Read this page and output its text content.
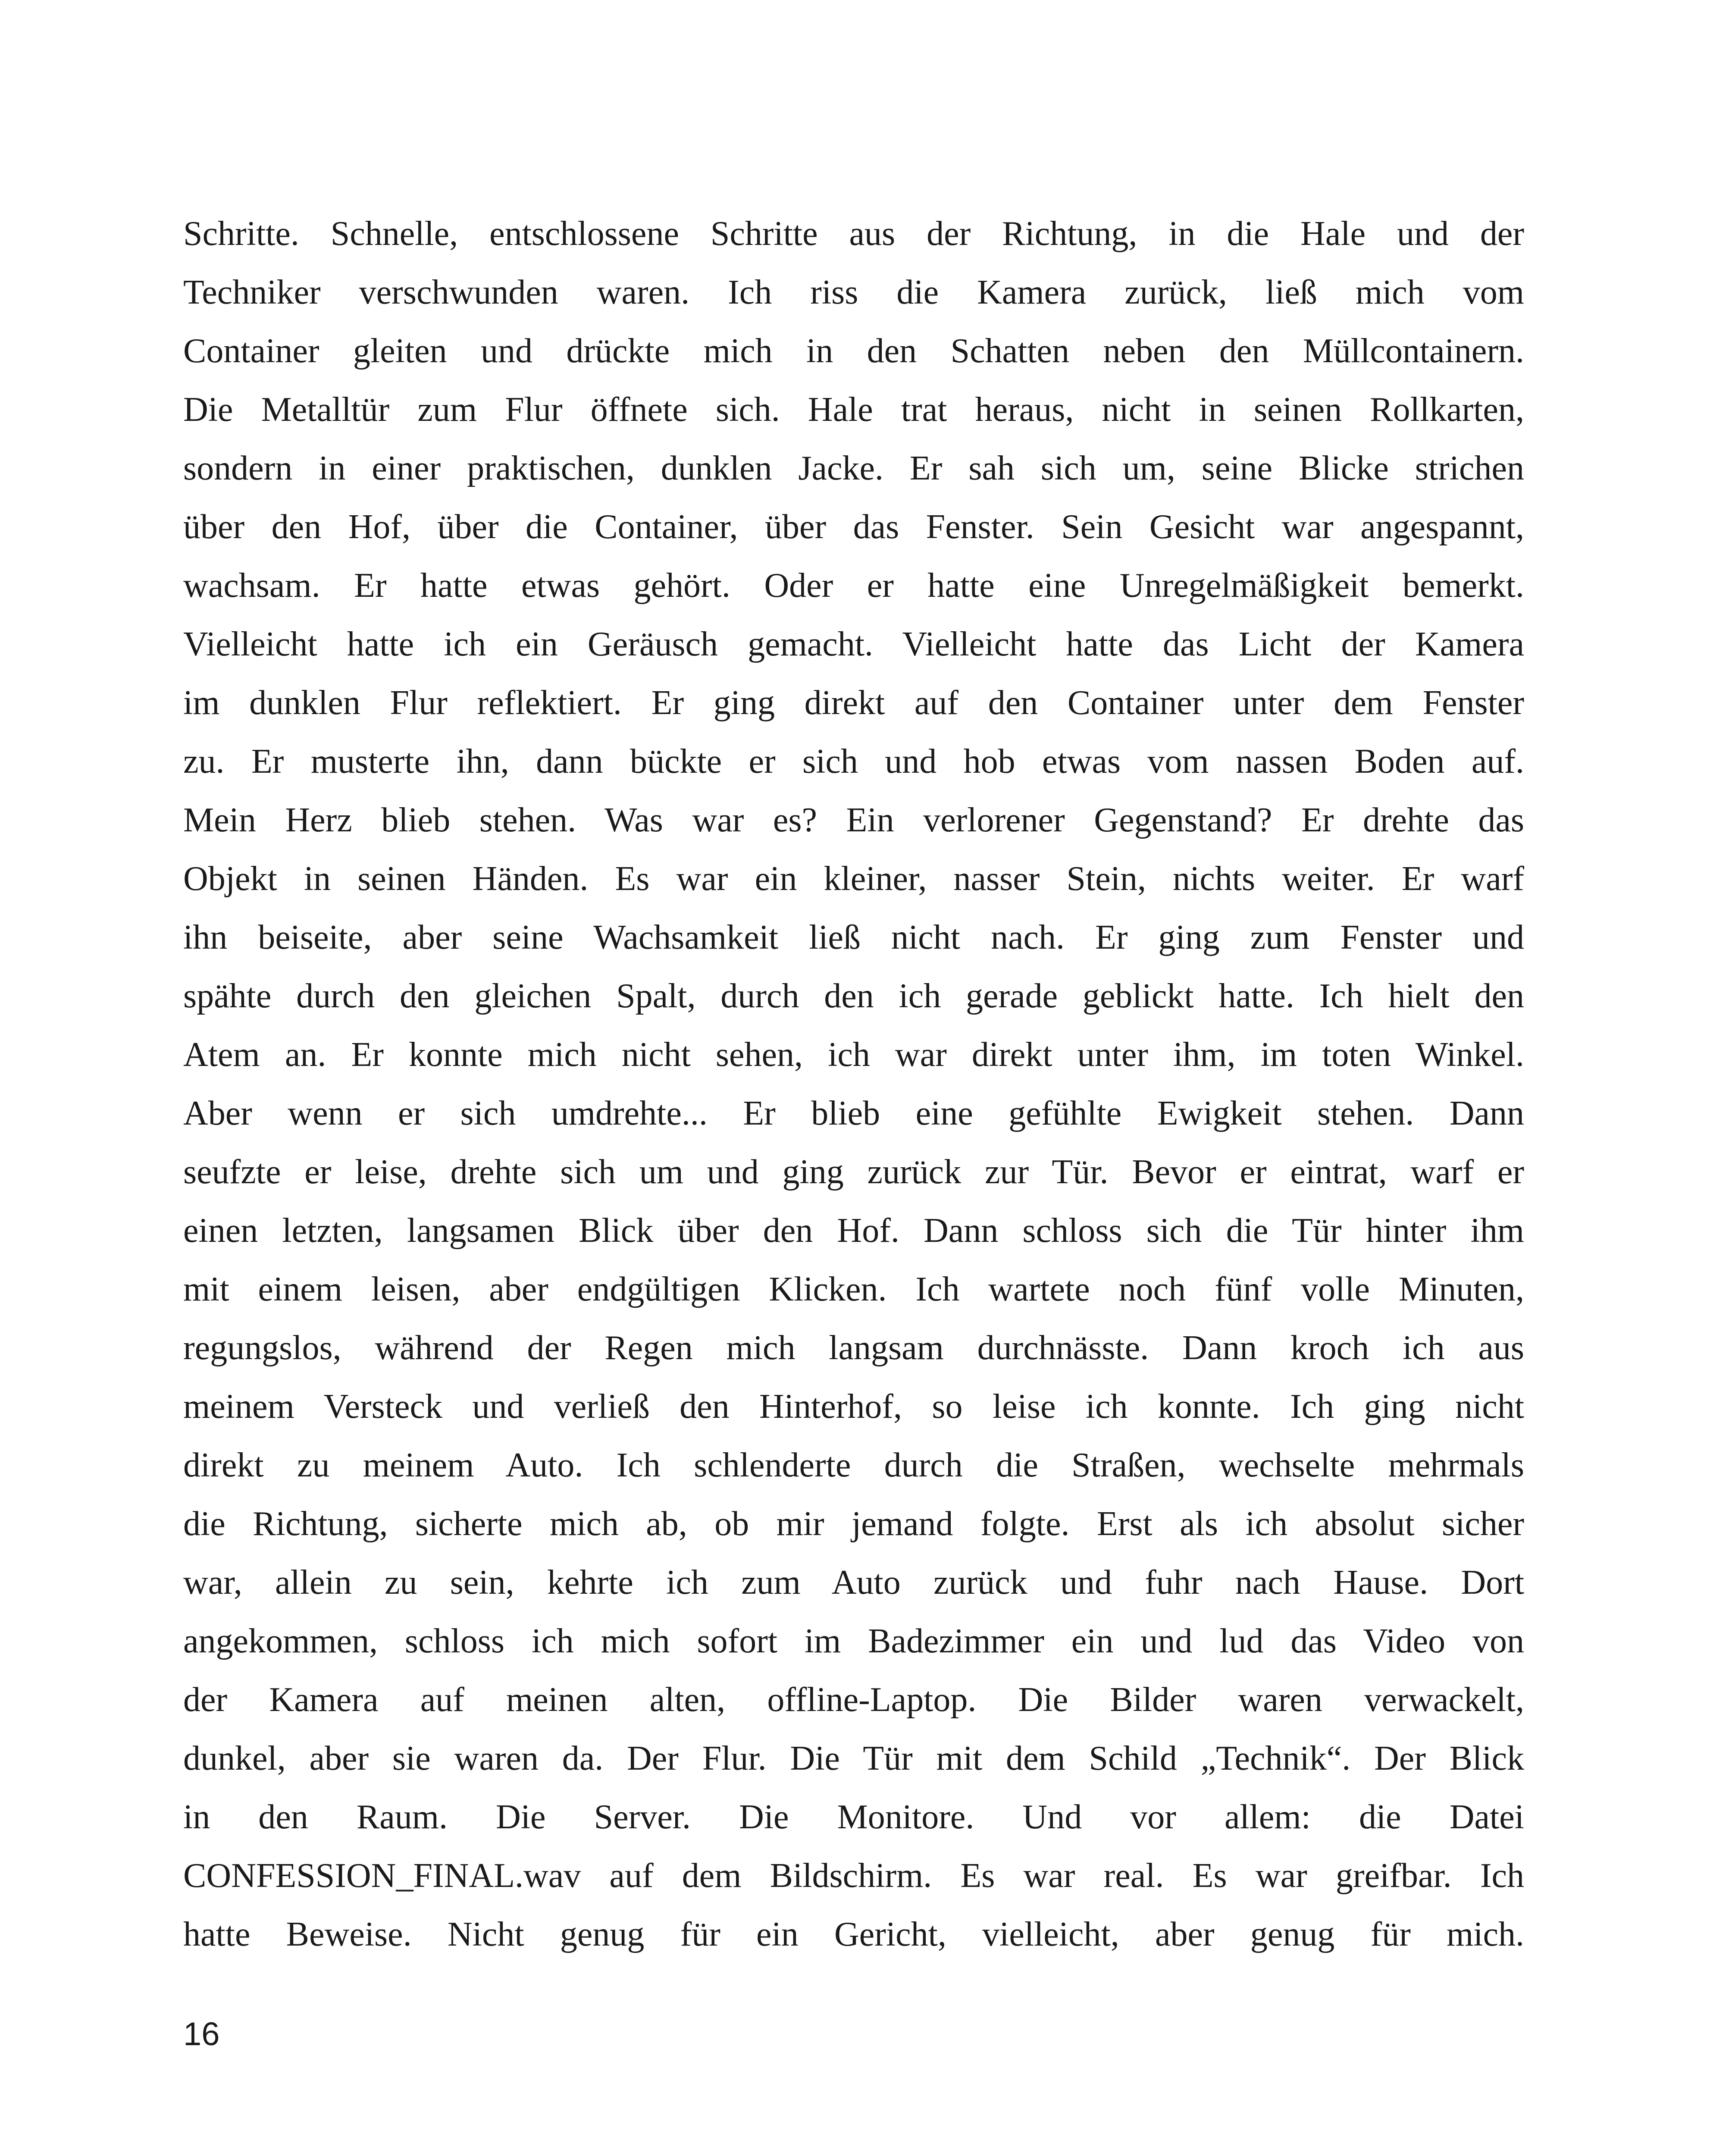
Schritte. Schnelle, entschlossene Schritte aus der Richtung, in die Hale und der
Techniker verschwunden waren. Ich riss die Kamera zurück, ließ mich vom
Container gleiten und drückte mich in den Schatten neben den Müllcontainern.
Die Metalltür zum Flur öffnete sich. Hale trat heraus, nicht in seinen Rollkarten,
sondern in einer praktischen, dunklen Jacke. Er sah sich um, seine Blicke strichen
über den Hof, über die Container, über das Fenster. Sein Gesicht war angespannt,
wachsam. Er hatte etwas gehört. Oder er hatte eine Unregelmäßigkeit bemerkt.
Vielleicht hatte ich ein Geräusch gemacht. Vielleicht hatte das Licht der Kamera
im dunklen Flur reflektiert. Er ging direkt auf den Container unter dem Fenster
zu. Er musterte ihn, dann bückte er sich und hob etwas vom nassen Boden auf.
Mein Herz blieb stehen. Was war es? Ein verlorener Gegenstand? Er drehte das
Objekt in seinen Händen. Es war ein kleiner, nasser Stein, nichts weiter. Er warf
ihn beiseite, aber seine Wachsamkeit ließ nicht nach. Er ging zum Fenster und
spähte durch den gleichen Spalt, durch den ich gerade geblickt hatte. Ich hielt den
Atem an. Er konnte mich nicht sehen, ich war direkt unter ihm, im toten Winkel.
Aber wenn er sich umdrehte... Er blieb eine gefühlte Ewigkeit stehen. Dann
seufzte er leise, drehte sich um und ging zurück zur Tür. Bevor er eintrat, warf er
einen letzten, langsamen Blick über den Hof. Dann schloss sich die Tür hinter ihm
mit einem leisen, aber endgültigen Klicken. Ich wartete noch fünf volle Minuten,
regungslos, während der Regen mich langsam durchnässte. Dann kroch ich aus
meinem Versteck und verließ den Hinterhof, so leise ich konnte. Ich ging nicht
direkt zu meinem Auto. Ich schlenderte durch die Straßen, wechselte mehrmals
die Richtung, sicherte mich ab, ob mir jemand folgte. Erst als ich absolut sicher
war, allein zu sein, kehrte ich zum Auto zurück und fuhr nach Hause. Dort
angekommen, schloss ich mich sofort im Badezimmer ein und lud das Video von
der Kamera auf meinen alten, offline-Laptop. Die Bilder waren verwackelt,
dunkel, aber sie waren da. Der Flur. Die Tür mit dem Schild „Technik“. Der Blick
in den Raum. Die Server. Die Monitore. Und vor allem: die Datei
CONFESSION_FINAL.wav auf dem Bildschirm. Es war real. Es war greifbar. Ich
hatte Beweise. Nicht genug für ein Gericht, vielleicht, aber genug für mich.
16
